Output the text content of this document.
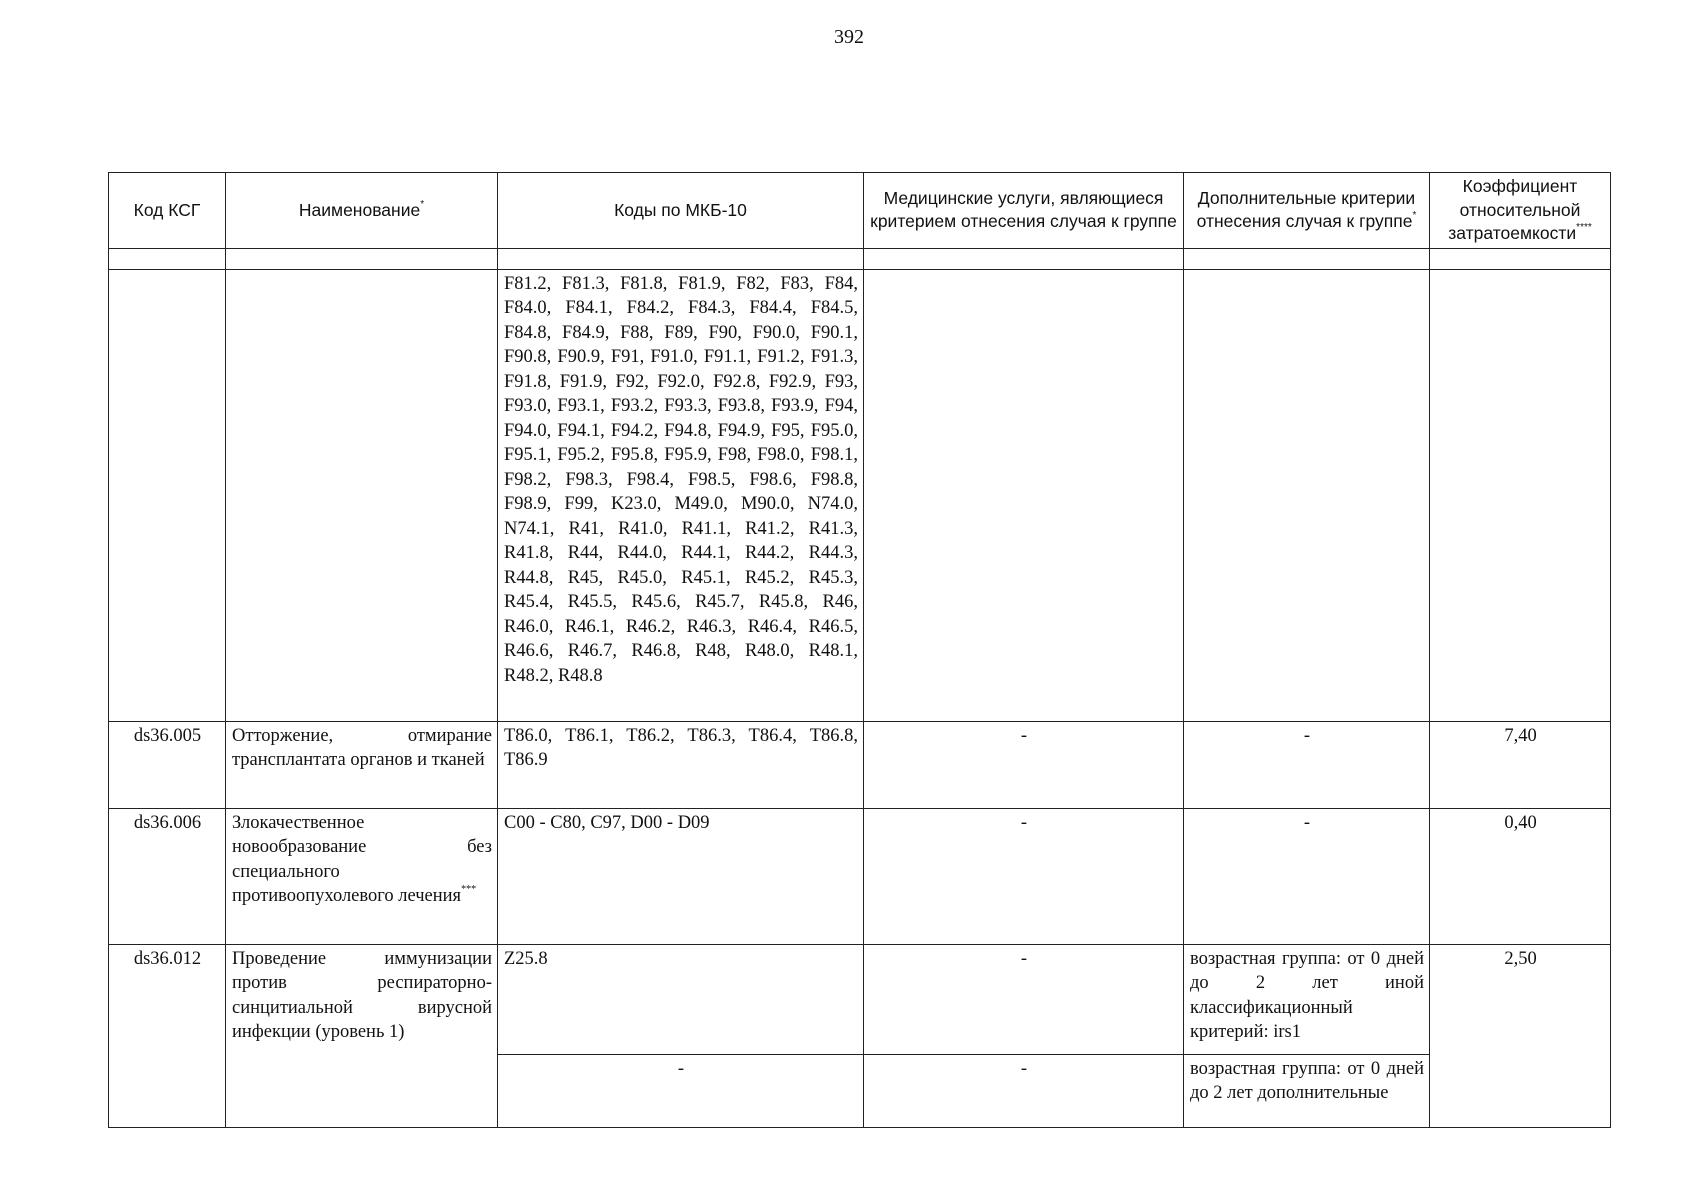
392
Код КСГ	Наименование*	Коды по МКБ-10	Медицинские услуги, являющиеся критерием отнесения случая к группе	Дополнительные критерии отнесения случая к группе*	Коэффициент относительной затратоемкости****

		F81.2, F81.3, F81.8, F81.9, F82, F83, F84, F84.0, F84.1, F84.2, F84.3, F84.4, F84.5, F84.8, F84.9, F88, F89, F90, F90.0, F90.1, F90.8, F90.9, F91, F91.0, F91.1, F91.2, F91.3, F91.8, F91.9, F92, F92.0, F92.8, F92.9, F93, F93.0, F93.1, F93.2, F93.3, F93.8, F93.9, F94, F94.0, F94.1, F94.2, F94.8, F94.9, F95, F95.0, F95.1, F95.2, F95.8, F95.9, F98, F98.0, F98.1, F98.2, F98.3, F98.4, F98.5, F98.6, F98.8, F98.9, F99, K23.0, M49.0, M90.0, N74.0, N74.1, R41, R41.0, R41.1, R41.2, R41.3, R41.8, R44, R44.0, R44.1, R44.2, R44.3, R44.8, R45, R45.0, R45.1, R45.2, R45.3, R45.4, R45.5, R45.6, R45.7, R45.8, R46, R46.0, R46.1, R46.2, R46.3, R46.4, R46.5, R46.6, R46.7, R46.8, R48, R48.0, R48.1, R48.2, R48.8			
ds36.005	Отторжение, отмирание трансплантата органов и тканей	T86.0, T86.1, T86.2, T86.3, T86.4, T86.8, T86.9	-	-	7,40
ds36.006	Злокачественное новообразование без специального противоопухолевого лечения***	C00 - C80, C97, D00 - D09	-	-	0,40
ds36.012	Проведение иммунизации против респираторно-синцитиальной вирусной инфекции (уровень 1)	Z25.8	-	возрастная группа: от 0 дней до 2 лет иной классификационный критерий: irs1	2,50
		-	-	возрастная группа: от 0 дней до 2 лет дополнительные	
